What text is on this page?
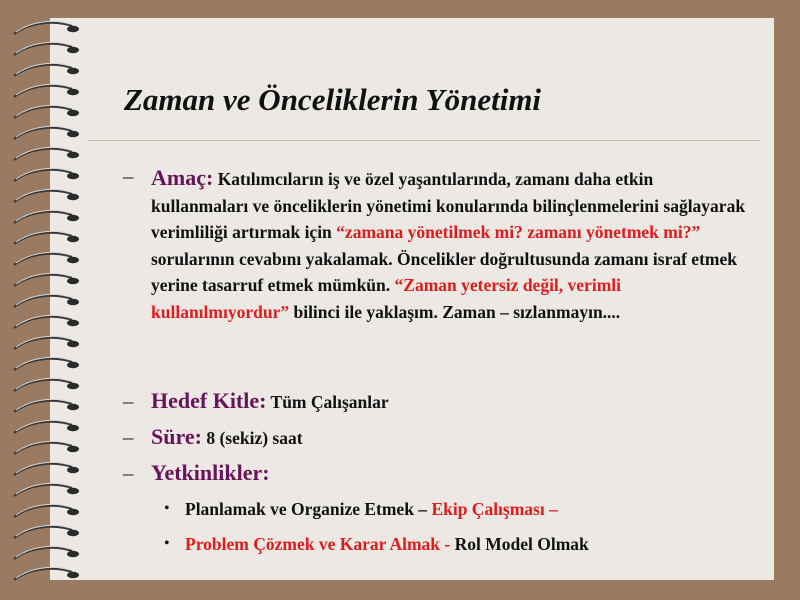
Zaman ve Önceliklerin Yönetimi
– Amaç: Katılımcıların iş ve özel yaşantılarında, zamanı daha etkin kullanmaları ve önceliklerin yönetimi konularında bilinçlenmelerini sağlayarak verimliliği artırmak için “zamana yönetilmek mi? zamanı yönetmek mi?” sorularının cevabını yakalamak. Öncelikler doğrultusunda zamanı israf etmek yerine tasarruf etmek mümkün. “Zaman yetersiz değil, verimli kullanılmıyordur” bilinci ile yaklaşım. Zaman – sızlanmayın....
– Hedef Kitle: Tüm Çalışanlar
– Süre: 8 (sekiz) saat
– Yetkinlikler:
• Planlamak ve Organize Etmek – Ekip Çalışması –
• Problem Çözmek ve Karar Almak - Rol Model Olmak
